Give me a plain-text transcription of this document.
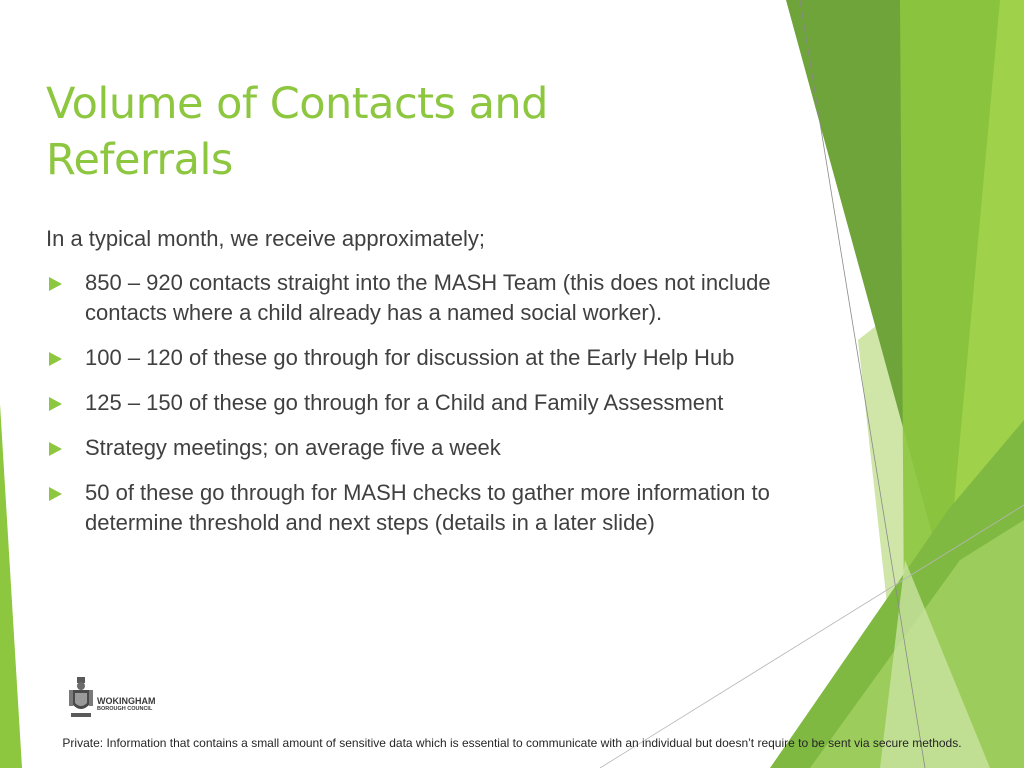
Volume of Contacts and Referrals
In a typical month, we receive approximately;
850 – 920 contacts straight into the MASH Team (this does not include contacts where a child already has a named social worker).
100 – 120 of these go through for discussion at the Early Help Hub
125 – 150 of these go through for a Child and Family Assessment
Strategy meetings; on average five a week
50 of these go through for MASH checks to gather more information to determine threshold and next steps (details in a later slide)
WOKINGHAM
BOROUGH COUNCIL
Private: Information that contains a small amount of sensitive data which is essential to communicate with an individual but doesn’t require to be sent via secure methods.
